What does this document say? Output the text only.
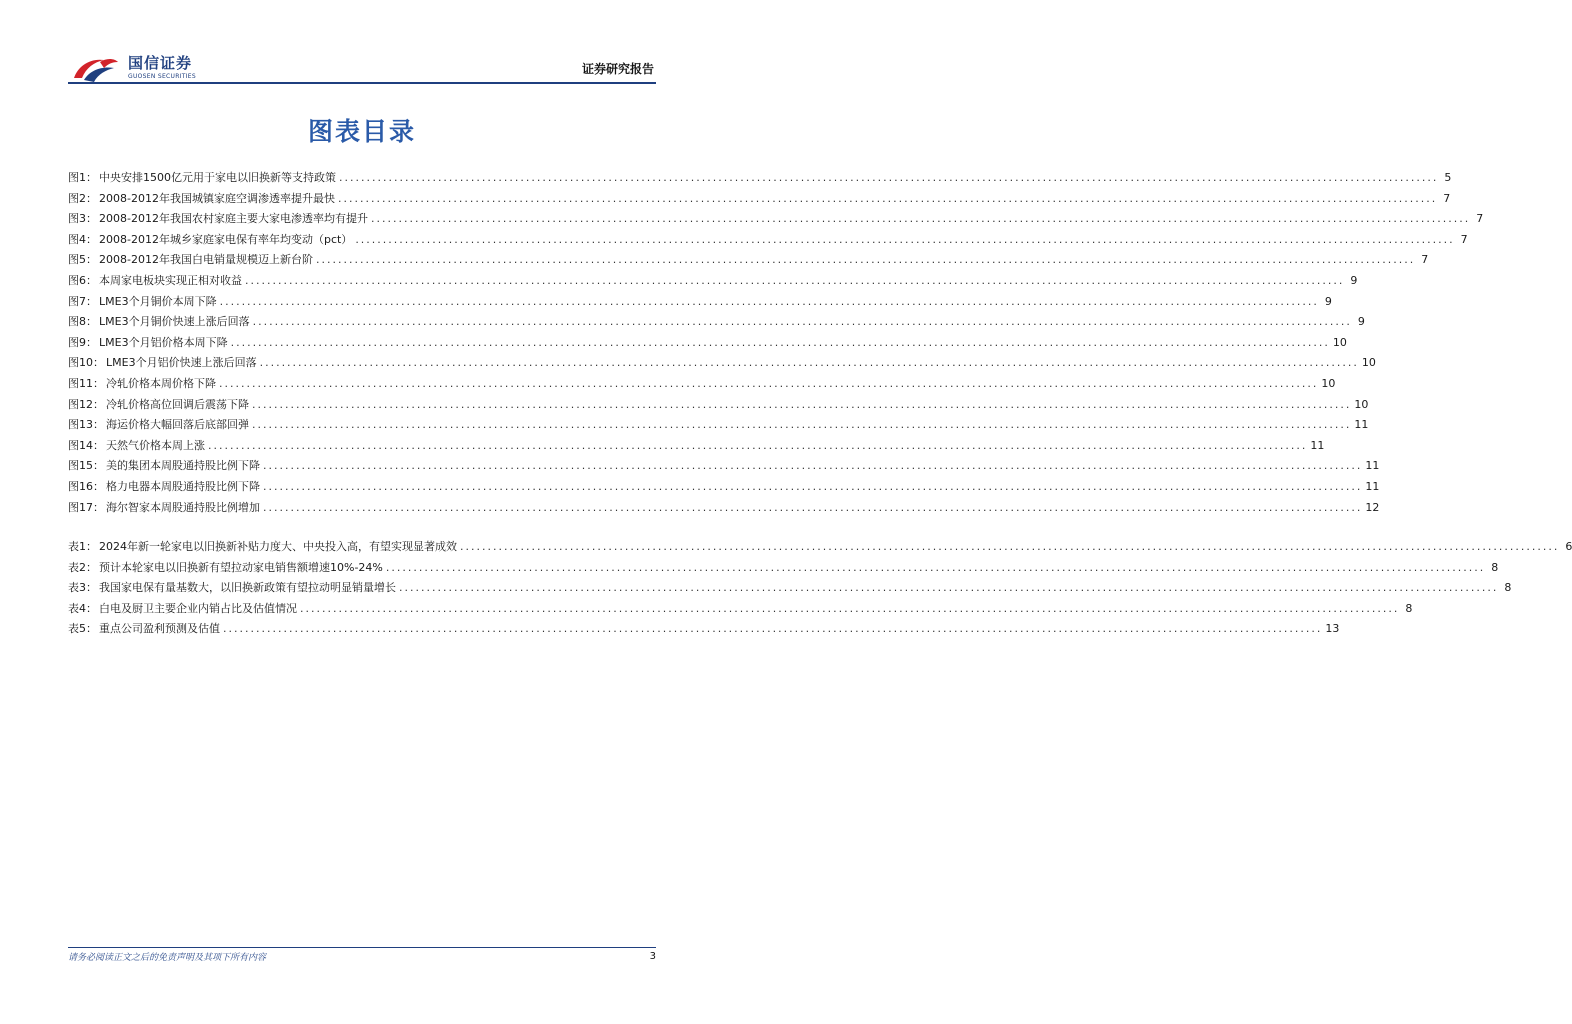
国信证券
GUOSEN SECURITIES
证券研究报告
图表目录
图1： 中央安排1500亿元用于家电以旧换新等支持政策 ........................................................................................................................................................................................................ 5
图2： 2008-2012年我国城镇家庭空调渗透率提升最快 ........................................................................................................................................................................................................ 7
图3： 2008-2012年我国农村家庭主要大家电渗透率均有提升 ........................................................................................................................................................................................................ 7
图4： 2008-2012年城乡家庭家电保有率年均变动（pct） ........................................................................................................................................................................................................ 7
图5： 2008-2012年我国白电销量规模迈上新台阶 ........................................................................................................................................................................................................ 7
图6： 本周家电板块实现正相对收益 ........................................................................................................................................................................................................ 9
图7： LME3个月铜价本周下降 ........................................................................................................................................................................................................ 9
图8： LME3个月铜价快速上涨后回落 ........................................................................................................................................................................................................ 9
图9： LME3个月铝价格本周下降 ........................................................................................................................................................................................................ 10
图10： LME3个月铝价快速上涨后回落 ........................................................................................................................................................................................................ 10
图11： 冷轧价格本周价格下降 ........................................................................................................................................................................................................ 10
图12： 冷轧价格高位回调后震荡下降 ........................................................................................................................................................................................................ 10
图13： 海运价格大幅回落后底部回弹 ........................................................................................................................................................................................................ 11
图14： 天然气价格本周上涨 ........................................................................................................................................................................................................ 11
图15： 美的集团本周股通持股比例下降 ........................................................................................................................................................................................................ 11
图16： 格力电器本周股通持股比例下降 ........................................................................................................................................................................................................ 11
图17： 海尔智家本周股通持股比例增加 ........................................................................................................................................................................................................ 12
表1： 2024年新一轮家电以旧换新补贴力度大、中央投入高，有望实现显著成效 ........................................................................................................................................................................................................ 6
表2： 预计本轮家电以旧换新有望拉动家电销售额增速10%-24% ........................................................................................................................................................................................................ 8
表3： 我国家电保有量基数大，以旧换新政策有望拉动明显销量增长 ........................................................................................................................................................................................................ 8
表4： 白电及厨卫主要企业内销占比及估值情况 ........................................................................................................................................................................................................ 8
表5： 重点公司盈利预测及估值 ........................................................................................................................................................................................................ 13
请务必阅读正文之后的免责声明及其项下所有内容	3
